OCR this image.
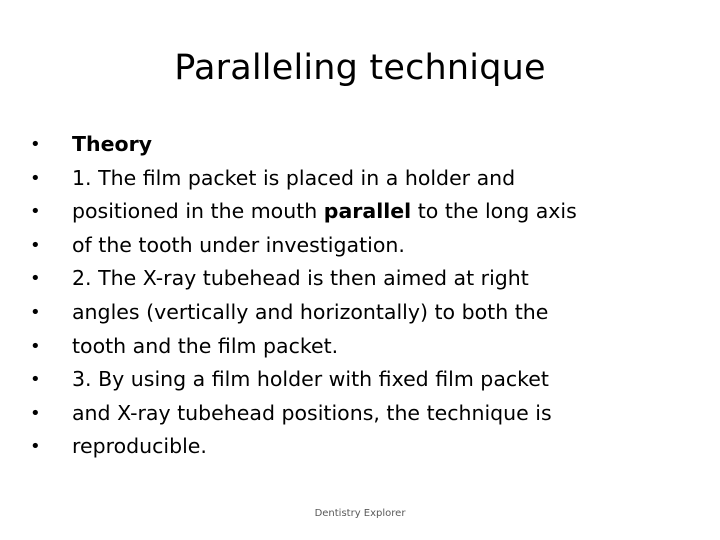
Paralleling technique
•	Theory
•	1. The film packet is placed in a holder and
•	positioned in the mouth parallel to the long axis
•	of the tooth under investigation.
•	2. The X-ray tubehead is then aimed at right
•	angles (vertically and horizontally) to both the
•	tooth and the film packet.
•	3. By using a film holder with fixed film packet
•	and X-ray tubehead positions, the technique is
•	reproducible.
Dentistry Explorer
